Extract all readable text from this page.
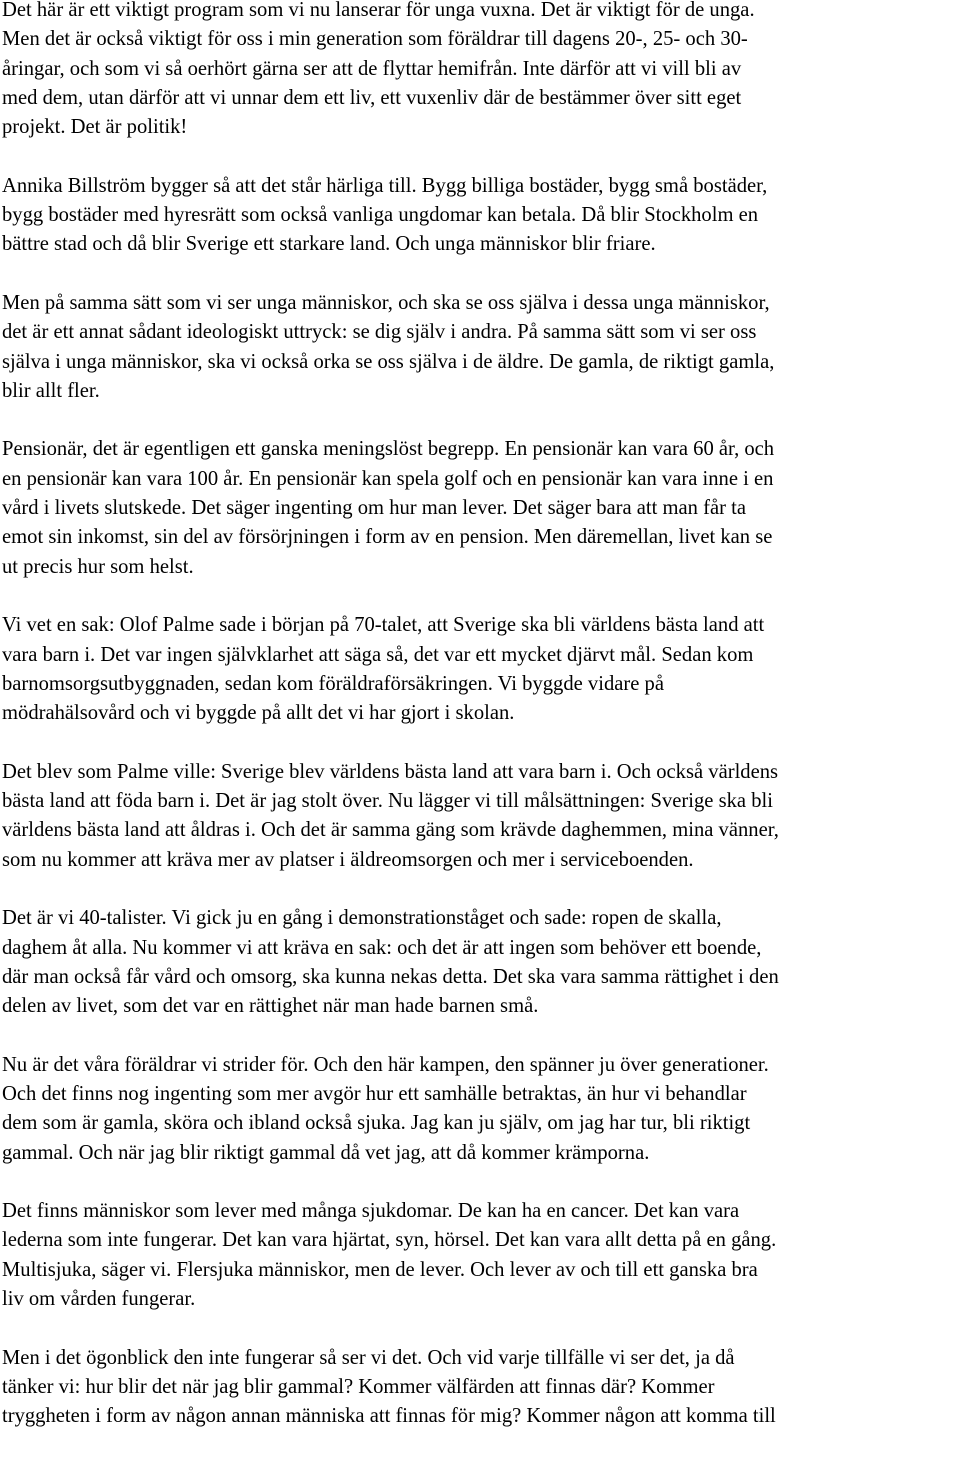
Det här är ett viktigt program som vi nu lanserar för unga vuxna. Det är viktigt för de unga.
Men det är också viktigt för oss i min generation som föräldrar till dagens 20-, 25- och 30-
åringar, och som vi så oerhört gärna ser att de flyttar hemifrån. Inte därför att vi vill bli av
med dem, utan därför att vi unnar dem ett liv, ett vuxenliv där de bestämmer över sitt eget
projekt. Det är politik!

Annika Billström bygger så att det står härliga till. Bygg billiga bostäder, bygg små bostäder,
bygg bostäder med hyresrätt som också vanliga ungdomar kan betala. Då blir Stockholm en
bättre stad och då blir Sverige ett starkare land. Och unga människor blir friare.

Men på samma sätt som vi ser unga människor, och ska se oss själva i dessa unga människor,
det är ett annat sådant ideologiskt uttryck: se dig själv i andra. På samma sätt som vi ser oss
själva i unga människor, ska vi också orka se oss själva i de äldre. De gamla, de riktigt gamla,
blir allt fler.

Pensionär, det är egentligen ett ganska meningslöst begrepp. En pensionär kan vara 60 år, och
en pensionär kan vara 100 år. En pensionär kan spela golf och en pensionär kan vara inne i en
vård i livets slutskede. Det säger ingenting om hur man lever. Det säger bara att man får ta
emot sin inkomst, sin del av försörjningen i form av en pension. Men däremellan, livet kan se
ut precis hur som helst.

Vi vet en sak: Olof Palme sade i början på 70-talet, att Sverige ska bli världens bästa land att
vara barn i. Det var ingen självklarhet att säga så, det var ett mycket djärvt mål. Sedan kom
barnomsorgsutbyggnaden, sedan kom föräldraförsäkringen. Vi byggde vidare på
mödrahälsovård och vi byggde på allt det vi har gjort i skolan.

Det blev som Palme ville: Sverige blev världens bästa land att vara barn i. Och också världens
bästa land att föda barn i. Det är jag stolt över. Nu lägger vi till målsättningen: Sverige ska bli
världens bästa land att åldras i. Och det är samma gäng som krävde daghemmen, mina vänner,
som nu kommer att kräva mer av platser i äldreomsorgen och mer i serviceboenden.

Det är vi 40-talister. Vi gick ju en gång i demonstrationståget och sade: ropen de skalla,
daghem åt alla. Nu kommer vi att kräva en sak: och det är att ingen som behöver ett boende,
där man också får vård och omsorg, ska kunna nekas detta. Det ska vara samma rättighet i den
delen av livet, som det var en rättighet när man hade barnen små.

Nu är det våra föräldrar vi strider för. Och den här kampen, den spänner ju över generationer.
Och det finns nog ingenting som mer avgör hur ett samhälle betraktas, än hur vi behandlar
dem som är gamla, sköra och ibland också sjuka. Jag kan ju själv, om jag har tur, bli riktigt
gammal. Och när jag blir riktigt gammal då vet jag, att då kommer krämporna.

Det finns människor som lever med många sjukdomar. De kan ha en cancer. Det kan vara
lederna som inte fungerar. Det kan vara hjärtat, syn, hörsel. Det kan vara allt detta på en gång.
Multisjuka, säger vi. Flersjuka människor, men de lever. Och lever av och till ett ganska bra
liv om vården fungerar.

Men i det ögonblick den inte fungerar så ser vi det. Och vid varje tillfälle vi ser det, ja då
tänker vi: hur blir det när jag blir gammal? Kommer välfärden att finnas där? Kommer
tryggheten i form av någon annan människa att finnas för mig? Kommer någon att komma till
